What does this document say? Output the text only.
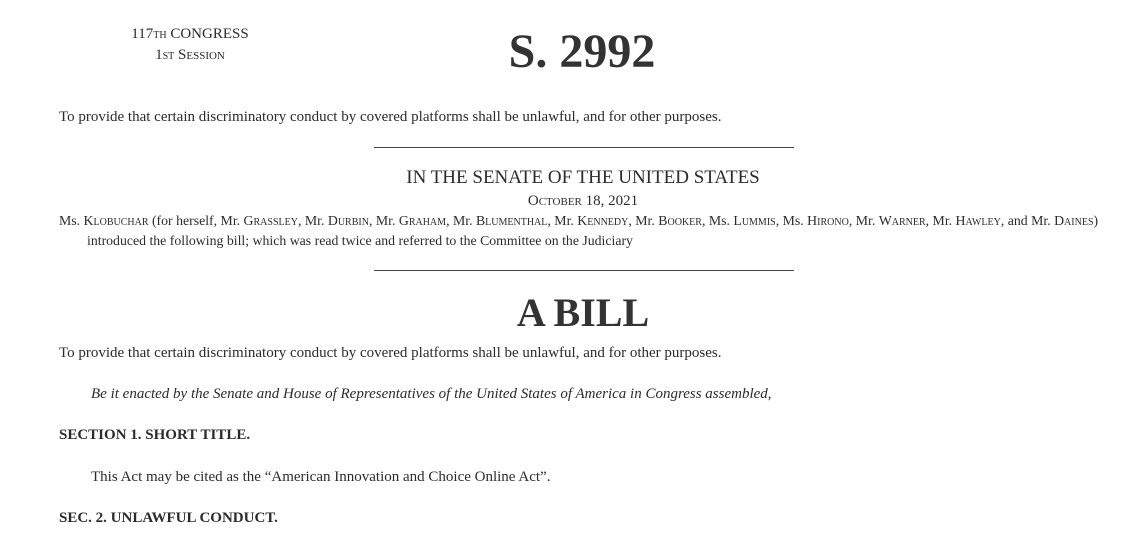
117th CONGRESS
1st Session	S. 2992
To provide that certain discriminatory conduct by covered platforms shall be unlawful, and for other purposes.
IN THE SENATE OF THE UNITED STATES
October 18, 2021
Ms. Klobuchar (for herself, Mr. Grassley, Mr. Durbin, Mr. Graham, Mr. Blumenthal, Mr. Kennedy, Mr. Booker, Ms. Lummis, Ms. Hirono, Mr. Warner, Mr. Hawley, and Mr. Daines) introduced the following bill; which was read twice and referred to the Committee on the Judiciary
A BILL
To provide that certain discriminatory conduct by covered platforms shall be unlawful, and for other purposes.
Be it enacted by the Senate and House of Representatives of the United States of America in Congress assembled,
SECTION 1. SHORT TITLE.
This Act may be cited as the “American Innovation and Choice Online Act”.
SEC. 2. UNLAWFUL CONDUCT.
